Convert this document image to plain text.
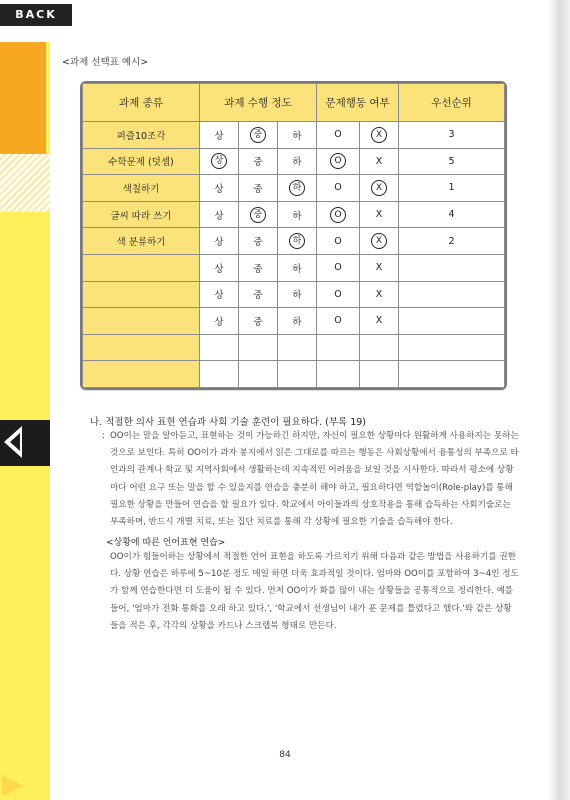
BACK
<과제 선택표 예시>
과제 종류	과제 수행 정도			문제행동 여부		우선순위
퍼즐10조각	상	중	하	O	X	3
수학문제 (덧셈)	상	중	하	O	X	5
색칠하기	상	중	하	O	X	1
글씨 따라 쓰기	상	중	하	O	X	4
색 분류하기	상	중	하	O	X	2
	상	중	하	O	X	
	상	중	하	O	X	
	상	중	하	O	X	

나. 적절한 의사 표현 연습과 사회 기술 훈련이 필요하다. (부록 19)
: OO이는 말을 알아듣고, 표현하는 것이 가능하긴 하지만, 자신이 필요한 상황마다 원활하게 사용하지는 못하는 것으로 보인다. 특히 OO이가 과자 봉지에서 읽은 그대로를 따르는 행동은 사회상황에서 융통성의 부족으로 타인과의 관계나 학교 및 지역사회에서 생활하는데 지속적인 어려움을 보일 것을 시사한다. 따라서 평소에 상황마다 어떤 요구 또는 말을 할 수 있을지를 연습을 충분히 해야 하고, 필요하다면 역할놀이(Role-play)를 통해 필요한 상황을 만들어 연습을 할 필요가 있다. 학교에서 아이들과의 상호작용을 통해 습득하는 사회기술로는 부족하며, 반드시 개별 치료, 또는 집단 치료를 통해 각 상황에 필요한 기술을 습득해야 한다.
<상황에 따른 언어표현 연습>
OO이가 힘들어하는 상황에서 적절한 언어 표현을 하도록 가르치기 위해 다음과 같은 방법을 사용하기를 권한다. 상황 연습은 하루에 5~10분 정도 매일 하면 더욱 효과적일 것이다. 엄마와 OO이를 포함하여 3~4인 정도가 함께 연습한다면 더 도움이 될 수 있다. 먼저 OO이가 화를 많이 내는 상황들을 공통적으로 정리한다. 예를 들어, '엄마가 전화 통화를 오래 하고 있다.', '학교에서 선생님이 내가 푼 문제를 틀렸다고 했다.'와 같은 상황들을 적은 후, 각각의 상황을 카드나 스크랩북 형태로 만든다.
84
